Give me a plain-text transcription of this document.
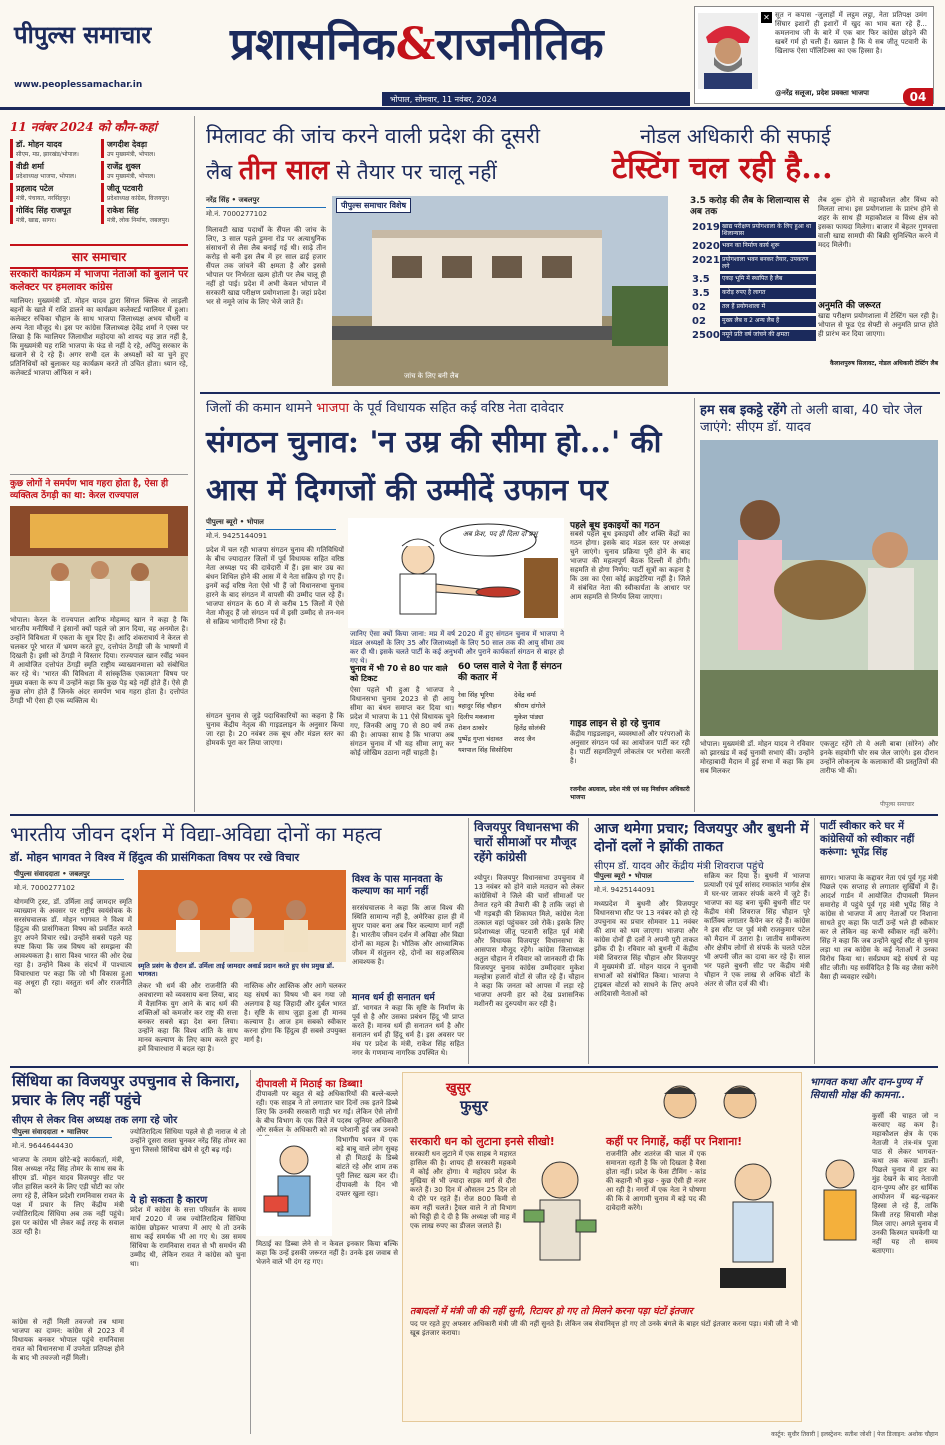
पीपुल्स समाचार
www.peoplessamachar.in
प्रशासनिक&राजनीतिक
भोपाल, सोमवार, 11 नवंबर, 2024
✕ सूत न कपास -जुलाहों में लट्ठम लट्ठा, नेता प्रतिपक्ष उमंग सिंघार इशारों ही इशारों में खुद का भाव बता रहे हैं... कमलनाथ जी के बारे में एक बार फिर कांग्रेस छोड़ने की खबरें गर्म हो चली हैं। ख्याल है कि ये सब जीतू पटवारी के खिलाफ ऐसा पॉलिटिक्स का एक हिस्सा है।
@नरेंद्र सलूजा, प्रदेश प्रवक्ता भाजपा	04
11 नवंबर 2024 को कौन-कहां
डॉ. मोहन यादव
सीएम, मप्र, झारखंड/भोपाल।
जगदीश देवड़ा
उप मुख्यमंत्री, भोपाल।
वीडी शर्मा
प्रदेशाध्यक्ष भाजपा, भोपाल।
राजेंद्र शुक्ल
उप मुख्यमंत्री, भोपाल।
प्रहलाद पटेल
मंत्री, पंचायत, नरसिंहपुर।
जीतू पटवारी
प्रदेशाध्यक्ष कांग्रेस, विजयपुर।
गोविंद सिंह राजपूत
मंत्री, खाद्य, सागर।
राकेश सिंह
मंत्री, लोक निर्माण, जबलपुर।
सार समाचार
सरकारी कार्यक्रम में भाजपा नेताओं को बुलाने पर कलेक्टर पर हमलावर कांग्रेस
ग्वालियर। मुख्यमंत्री डॉ. मोहन यादव द्वारा सिंगल क्लिक से लाड़ली बहनों के खाते में राशि डालने का कार्यक्रम कलेक्टर्ड ग्वालियर में हुआ। कलेक्टर रुचिका चौहान के साथ भाजपा जिलाध्यक्ष अभय चौधरी व अन्य नेता मौजूद थे। इस पर कांग्रेस जिलाध्यक्ष देवेंद्र शर्मा ने एक्स पर लिखा है कि ग्वालियर जिलाधीश महोदया को शायद यह ज्ञात नहीं है, कि मुख्यमंत्री यह राशि भाजपा के फंड से नहीं दे रहे, अपितु सरकार के खजाने से दे रहे हैं। अगर सभी दल के अध्यक्षों को या चुने हुए प्रतिनिधियों को बुलाकर यह कार्यक्रम करते तो उचित होता। ध्यान रहे, कलेक्टर्ड भाजपा ऑफिस न बने।
कुछ लोगों ने समर्पण भाव गहरा होता है, ऐसा ही व्यक्तित्व ठेंगड़ी का था: केरल राज्यपाल
भोपाल। केरल के राज्यपाल आरिफ मोहम्मद खान ने कहा है कि भारतीय मनीषियों ने इंसानों क्यों पहले जो ज्ञान दिया, वह अनमोल है। उन्होंने विविधता में एकता के सूत्र दिए हैं। आदि शंकराचार्य ने केरल से चलकर पूरे भारत में भ्रमण करते हुए, दत्तोपंत ठेंगड़ी जी के भाषणों में दिखती है। इसी को ठेंगड़ी ने विस्तार दिया। राज्यपाल खान रवींद्र भवन में आयोजित दत्तोपंत ठेंगड़ी स्मृति राष्ट्रीय व्याख्यानमाला को संबोधित कर रहे थे। 'भारत की विविधता में सांस्कृतिक एकात्मता' विषय पर मुख्य वक्ता के रूप में उन्होंने कहा कि कुछ पेड़ बड़े नहीं होते हैं। ऐसे ही कुछ लोग होते हैं जिनके अंदर समर्पण भाव गहरा होता है। दत्तोपंत ठेंगड़ी भी ऐसा ही एक व्यक्तित्व थे।
मिलावट की जांच करने वाली प्रदेश की दूसरी
लैब तीन साल से तैयार पर चालू नहीं
नरेंद्र सिंह • जबलपुर
मो.नं. 7000277102
मिलावटी खाद्य पदार्थों के सैंपल की जांच के लिए, 3 साल पहले डुमना रोड पर अत्याधुनिक संसाधनों से लैस लैब बनाई गई थी। साढ़े तीन करोड़ से बनी इस लैब में हर साल ढाई हजार सैंपल तक जांचने की क्षमता है और इससे भोपाल पर निर्भरता खत्म होती पर लैब चालू ही नहीं हो पाई। प्रदेश में अभी केवल भोपाल में सरकारी खाद्य परीक्षण प्रयोगशाला है। जहां प्रदेश भर से नमूने जांच के लिए भेजे जाते हैं।
पीपुल्स समाचार विशेष
जांच के लिए बनी लैब
नोडल अधिकारी की सफाई
टेस्टिंग चल रही है...
3.5 करोड़ की लैब के शिलान्यास से अब तक
2019 खाद्य परीक्षण प्रयोगशाला के लिए हुआ था शिलान्यास
2020 भवन का निर्माण कार्य शुरू
2021 प्रयोगशाला भवन बनकर तैयार, उपकरण लगे
3.5	एकड़ भूमि में स्थापित है लैब
3.5	करोड़ रुपए है लागत
02	तल हैं प्रयोगशाला में
02	मुख्य लैब व 2 अन्य लैब हैं
2500 नमूने प्रति वर्ष जांचने की क्षमता
लैब शुरू होने से महाकौशल और विंध्य को मिलता लाभ। इस प्रयोगशाला के प्रारंभ होने से शहर के साथ ही महाकौशल व विंध्य क्षेत्र को इसका फायदा मिलेगा। बाजार में बेहतर गुणवत्ता वाली खाद्य सामग्री की बिक्री सुनिश्चित करने में मदद मिलेगी।
अनुमति की जरूरत
खाद्य परीक्षण प्रयोगशाला में टेस्टिंग चल रही है। भोपाल से फूड एंड सेफ्टी से अनुमति प्राप्त होते ही प्रारंभ कर दिया जाएगा।
कैलाशपुरुष सिलावट, नोडल अधिकारी टेस्टिंग लैब
जिलों की कमान थामने भाजपा के पूर्व विधायक सहित कई वरिष्ठ नेता दावेदार
संगठन चुनाव: 'न उम्र की सीमा हो...' की
आस में दिग्गजों की उम्मीदें उफान पर
पीपुल्स ब्यूरो • भोपाल
मो.नं. 9425144091
प्रदेश में चल रही भाजपा संगठन चुनाव की गतिविधियों के बीच ज्यादातर जिलों में पूर्व विधायक सहित वरिष्ठ नेता अध्यक्ष पद की दावेदारी में हैं। इस बार उम्र का बंधन शिथिल होने की आस में ये नेता सक्रिय हो गए हैं। इनमें कई वरिष्ठ नेता ऐसे भी हैं जो विधानसभा चुनाव हारने के बाद संगठन में वापसी की उम्मीद पाल रहे हैं। भाजपा संगठन के 60 में से करीब 15 जिलों में ऐसे नेता मौजूद हैं जो संगठन पर्व में इसी उम्मीद से तन-मन से सक्रिय भागीदारी निभा रहे हैं।
संगठन चुनाव से जुड़े पदाधिकारियों का कहना है कि चुनाव केंद्रीय नेतृत्व की गाइडलाइन के अनुसार किया जा रहा है। 20 नवंबर तक बूथ और मंडल स्तर का होमवर्क पूरा कर लिया जाएगा।
अब फ्रेश, पद ही दिला दो प्रभु
जानिए ऐसा क्यों किया जाना: मप्र में वर्ष 2020 में हुए संगठन चुनाव में भाजपा ने मंडल अध्यक्षों के लिए 35 और जिलाध्यक्षों के लिए 50 साल तक की आयु सीमा तय कर दी थी। इसके चलते पार्टी के कई अनुभवी और पुराने कार्यकर्ता संगठन से बाहर हो गए थे।
चुनाव में भी 70 से 80 पार वाले को टिकट
ऐसा पहले भी हुआ है भाजपा ने विधानसभा चुनाव 2023 से ही आयु सीमा का बंधन समाप्त कर दिया था। प्रदेश में भाजपा के 11 ऐसे विधायक चुने गए, जिनकी आयु 70 से 80 वर्ष तक की है। आपका साथ है कि भाजपा अब संगठन चुनाव में भी यह सीमा लागू कर कोई जोखिम उठाना नहीं चाहती है।
60 प्लस वाले ये नेता हैं संगठन की कतार में
रेवा सिंह भूरिया	देवेंद्र वर्मा
बहादुर सिंह चौहान	श्रीराम दांगोले
दिलीप मकवाना	मुकेश पांड्या
रोशन ठाकोर	हितेंद्र सोलंकी
पुष्पेंद्र गुप्ता चंदावत	शरद जैन
यशपाल सिंह सिसोदिया
पहले बूथ इकाइयों का गठन
सबसे पहले बूथ इकाइयों और शक्ति केंद्रों का गठन होगा। इसके बाद मंडल स्तर पर अध्यक्ष चुने जाएंगे। चुनाव प्रक्रिया पूरी होने के बाद भाजपा की महत्वपूर्ण बैठक दिल्ली में होगी। सहमति से होगा निर्णय: पार्टी सूत्रों का कहना है कि उस का ऐसा कोई क्राइटेरिया नहीं है। जिले में संबंधित नेता की स्वीकार्यता के आधार पर आम सहमति से निर्णय लिया जाएगा।
गाइड लाइन से हो रहे चुनाव
केंद्रीय गाइडलाइन, व्यवस्थाओं और परंपराओं के अनुसार संगठन पर्व का आयोजन पार्टी कर रही है। पार्टी सहमतिपूर्ण लोकतंत्र पर भरोसा करती है।
रजनीश अग्रवाल, प्रदेश मंत्री एवं सह निर्वाचन अधिकारी भाजपा
हम सब इकट्ठे रहेंगे तो अली बाबा, 40 चोर जेल जाएंगे: सीएम डॉ. यादव
भोपाल। मुख्यमंत्री डॉ. मोहन यादव ने रविवार को झारखंड में कई चुनावी सभाएं कीं। उन्होंने मोरहाबादी मैदान में हुई सभा में कहा कि हम सब मिलकर
एकजुट रहेंगे तो ये अली बाबा (सोरेन) और इनके सहयोगी चोर सब जेल जाएंगे। इस दौरान उन्होंने लोकनृत्य के कलाकारों की प्रस्तुतियों की तारीफ भी की।
पीपुल्स समाचार
भारतीय जीवन दर्शन में विद्या-अविद्या दोनों का महत्व
डॉ. मोहन भागवत ने विश्व में हिंदुत्व की प्रासंगिकता विषय पर रखे विचार
पीपुल्स संवाददाता • जबलपुर
मो.नं. 7000277102
योगमणि ट्रस्ट, डॉ. उर्मिला ताई जामदार स्मृति व्याख्यान के अवसर पर राष्ट्रीय स्वयंसेवक के सरसंघचालक डॉ. मोहन भागवत ने विश्व में हिंदुत्व की प्रासंगिकता विषय को प्रवर्तित करते हुए अपने विचार रखे। उन्होंने सबसे पहले यह स्पष्ट किया कि जब विषय को समझना की आवश्यकता है। सारा विश्व भारत की ओर देख रहा है। उन्होंने विश्व के संदर्भ में पाश्चात्य विचारधारा पर कहा कि जो भी विकास हुआ वह अधूरा ही रहा। वस्तुतः धर्म और राजनीति को
स्मृति प्रसंग के दौरान डॉ. उर्मिला ताई जामदार अवार्ड प्रदान करते हुए संघ प्रमुख डॉ. भागवत।
लेकर भी धर्म की और राजनीति की अवधारणा को व्यवसाय बना लिया, बाद में वैज्ञानिक युग आने के बाद धर्म की शक्तिओं को कमजोर कर राष्ट्र की सत्ता बनकर सबसे बड़ा देश बना लिया। उन्होंने कहा कि विश्व शांति के साथ मानव कल्याण के लिए काम करते हुए हमें विचारधारा में बदल रहा है।
नास्तिक और आस्तिक और आगे चलकर यह संघर्ष का विषय भी बन गया जो अलगाव है यह जिहादी और दुर्बल भारत है। सृष्टि के साथ जुड़ा हुआ ही मानव कल्याण है। आज हम सबको स्वीकार करना होगा कि हिंदुत्व ही सबसे उपयुक्त मार्ग है।
विश्व के पास मानवता के कल्याण का मार्ग नहीं
सरसंघचालक ने कहा कि आज विश्व की स्थिति सामान्य नहीं है, अमेरिका हाल ही में सुपर पावर बना अब फिर कल्याण मार्ग नहीं है। भारतीय जीवन दर्शन में अविद्या और विद्या दोनों का महत्व है। भौतिक और आध्यात्मिक जीवन में संतुलन रहे, दोनों का सहअस्तित्व आवश्यक है।
मानव धर्म ही सनातन धर्म
डॉ. भागवत ने कहा कि सृष्टि के निर्माण के पूर्व से है और उसका प्रबंधन हिंदू भी प्राप्त करते हैं। मानव धर्म ही सनातन धर्म है और सनातन धर्म ही हिंदू धर्म है। इस अवसर पर मंच पर प्रदेश के मंत्री, राकेश सिंह सहित नगर के गणमान्य नागरिक उपस्थित थे।
विजयपुर विधानसभा की चारों सीमाओं पर मौजूद रहेंगे कांग्रेसी
श्योपुर। विजयपुर विधानसभा उपचुनाव में 13 नवंबर को होने वाले मतदान को लेकर कांग्रेसियों ने जिले की चारों सीमाओं पर तैनात रहने की तैयारी की है ताकि जहां से भी गड़बड़ी की शिकायत मिले, कांग्रेस नेता तत्काल वहां पहुंचकर उसे रोकें। इसके लिए प्रदेशाध्यक्ष जीतू पटवारी सहित पूर्व मंत्री और विधायक विजयपुर विधानसभा के आसपास मौजूद रहेंगे। कांग्रेस जिलाध्यक्ष अतुल चौहान ने रविवार को जानकारी दी कि विजयपुर चुनाव कांग्रेस उम्मीदवार मुकेश मल्होत्रा हजारों वोटों से जीत रहे हैं। चौहान ने कहा कि जनता को आपस में लड़ा रहे भाजपा अपनी हार को देख प्रशासनिक मशीनरी का दुरुपयोग कर रही है।
आज थमेगा प्रचार; विजयपुर और बुधनी में दोनों दलों ने झोंकी ताकत
सीएम डॉ. यादव और केंद्रीय मंत्री शिवराज पहुंचे
पीपुल्स ब्यूरो • भोपाल
मो.नं. 9425144091
मध्यप्रदेश में बुधनी और विजयपुर विधानसभा सीट पर 13 नवंबर को हो रहे उपचुनाव का प्रचार सोमवार 11 नवंबर की शाम को थम जाएगा। भाजपा और कांग्रेस दोनों ही दलों ने अपनी पूरी ताकत झोंक दी है। रविवार को बुधनी में केंद्रीय मंत्री शिवराज सिंह चौहान और विजयपुर में मुख्यमंत्री डॉ. मोहन यादव ने चुनावी सभाओं को संबोधित किया। भाजपा ने ट्राइबल वोटर्स को साधने के लिए अपने आदिवासी नेताओं को
सक्रिय कर दिया है। बुधनी में भाजपा प्रत्याशी एवं पूर्व सांसद रमाकांत भार्गव क्षेत्र में घर-घर जाकर संपर्क करने में जुटे हैं। भाजपा का यह बना चुकी बुधनी सीट पर केंद्रीय मंत्री शिवराज सिंह चौहान पूरे कार्तिक्य लगातार कैंपेन कर रहे हैं। कांग्रेस ने इस सीट पर पूर्व मंत्री राजकुमार पटेल को मैदान में उतारा है। जातीय समीकरण और क्षेत्रीय लोगों से संपर्क के चलते पटेल भी अपनी जीत का दावा कर रहे हैं। साल भर पहले बुधनी सीट पर केंद्रीय मंत्री चौहान ने एक लाख से अधिक वोटों के अंतर से जीत दर्ज की थी।
पार्टी स्वीकार करे घर में कांग्रेसियों को स्वीकार नहीं करूंगा: भूपेंद्र सिंह
सागर। भाजपा के कद्दावर नेता एवं पूर्व गृह मंत्री पिछले एक सप्ताह से लगातार सुर्खियों में हैं। आदर्श गार्डन में आयोजित दीपावली मिलन समारोह में पहुंचे पूर्व गृह मंत्री भूपेंद्र सिंह ने कांग्रेस से भाजपा में आए नेताओं पर निशाना साधते हुए कहा कि पार्टी उन्हें भले ही स्वीकार कर ले लेकिन वह कभी स्वीकार नहीं करेंगे। सिंह ने कहा कि जब उन्होंने खुरई सीट से चुनाव लड़ा था तब कांग्रेस के कई नेताओं ने उनका विरोध किया था। सर्वप्रथम बड़े संघर्ष से यह सीट जीती। यह सर्वविदित है कि वह जैसा करेंगे वैसा ही व्यवहार रखेंगे।
सिंधिया का विजयपुर उपचुनाव से किनारा, प्रचार के लिए नहीं पहुंचे
सीएम से लेकर विस अध्यक्ष तक लगा रहे जोर
पीपुल्स संवाददाता • ग्वालियर
मो.नं. 9644644430
भाजपा के तमाम छोटे-बड़े कार्यकर्ता, मंत्री, विस अध्यक्ष नरेंद्र सिंह तोमर के साथ सब के सीएम डॉ. मोहन यादव विजयपुर सीट पर जीत हासिल करने के लिए एड़ी चोटी का जोर लगा रहे हैं, लेकिन प्रदेशी रामनिवास रावत के पक्ष में प्रचार के लिए केंद्रीय मंत्री ज्योतिरादित्य सिंधिया अब तक नहीं पहुंचे। इस पर कांग्रेस भी लेकर कई तरह के सवाल उठा रही है।
कांग्रेस से नहीं मिली तवज्जो तब थामा भाजपा का दामन: कांग्रेस से 2023 में विधायक बनकर भोपाल पहुंचे रामनिवास रावत को विधानसभा में उपनेता प्रतिपक्ष होने के बाद भी तवज्जो नहीं मिली।
ज्योतिरादित्य सिंधिया पहले से ही नाराज थे तो उन्होंने दूसरा रास्ता चुनकर नरेंद्र सिंह तोमर का चुना जिससे सिंधिया खेमे से दूरी बढ़ गई।
ये हो सकता है कारण
प्रदेश में कांग्रेस के सत्ता परिवर्तन के समय मार्च 2020 में जब ज्योतिरादित्य सिंधिया कांग्रेस छोड़कर भाजपा में आए थे तो उनके साथ कई समर्थक भी आ गए थे। उस समय सिंधिया के रामनिवास रावत से भी समर्थन की उम्मीद थी, लेकिन रावत ने कांग्रेस को चुना था।
दीपावली में मिठाई का डिब्बा!
दीपावली पर बहुत से बड़े अधिकारियों की बल्ले-बल्ले रही। एक साहब ने तो लगातार चार दिनों तक इतने डिब्बे लिए कि उनकी सरकारी गाड़ी भर गई। लेकिन ऐसे लोगों के बीच विभाग के एक जिले में पदस्थ जूनियर अधिकारी और सर्कल के अधिकारी को तब परेशानी हुई जब उनको
विभागीय भवन में एक बड़े बाबू वाले लोग सुबह से ही मिठाई के डिब्बे बांटते रहे और शाम तक पूरी लिस्ट खत्म कर दी। दीपावली के दिन भी दफ्तर खुला रहा।
मिठाई का डिब्बा लेने से न केवल इनकार किया बल्कि कहा कि उन्हें इसकी जरूरत नहीं है। उनके इस जवाब से भेजने वाले भी दंग रह गए।
खुसुर
फुसुर
सरकारी धन को लुटाना इनसे सीखो!
सरकारी धन लुटाने में एक साहब ने महारत हासिल की है। शायद ही सरकारी महकमे में कोई और होगा। ये महोदय प्रदेश के मुखिया से भी ज्यादा सड़क मार्ग से दौरा करते हैं। 30 दिन में औसतन 25 दिन तो ये दौरे पर रहते हैं। रोज 800 किमी से कम नहीं चलते। ट्रैवल वाले ने तो विभाग को चिट्ठी ही दे दी है कि अध्यक्ष जी माह में एक लाख रुपए का डीजल जलाते हैं।
कहीं पर निगाहें, कहीं पर निशाना!
राजनीति और शतरंज की चाल में एक समानता रहती है कि जो दिखता है वैसा होता नहीं। प्रदेश के फेस टीमिंग - कांड की कहानी भी कुछ - कुछ ऐसी ही नजर आ रही है। नगरों में एक नेता ने घोषणा की कि वे आगामी चुनाव में बड़े पद की दावेदारी करेंगे।
तबादलों में मंत्री जी की नहीं सुनी, रिटायर हो गए तो मिलने करना पड़ा घंटों इंतजार
पद पर रहते हुए अफसर अधिकारी मंत्री जी की नहीं सुनते हैं। लेकिन जब सेवानिवृत्त हो गए तो उनके बंगले के बाहर घंटों इंतजार करना पड़ा। मंत्री जी ने भी खूब इंतजार कराया।
भागवत कथा और दान-पुण्य में सियासी मोक्ष की कामना..
कुर्सी की चाहत जो न करवाए वह कम है। महाकौशल क्षेत्र के एक नेताजी ने तंत्र-मंत्र पूजा पाठ से लेकर भागवत-कथा तक करवा डाली। पिछले चुनाव में हार का मुंह देखने के बाद नेताजी दान-पुण्य और हर धार्मिक आयोजन में बढ़-चढ़कर हिस्सा ले रहे हैं, ताकि किसी तरह सियासी मोक्ष मिल जाए। अगले चुनाव में उनकी किस्मत चमकेगी या नहीं यह तो समय बताएगा।
कार्टून: सुधीर तिवारी | इलस्ट्रेशन: सतीश जोशी | पेज डिजाइन: अशोक चौहान
